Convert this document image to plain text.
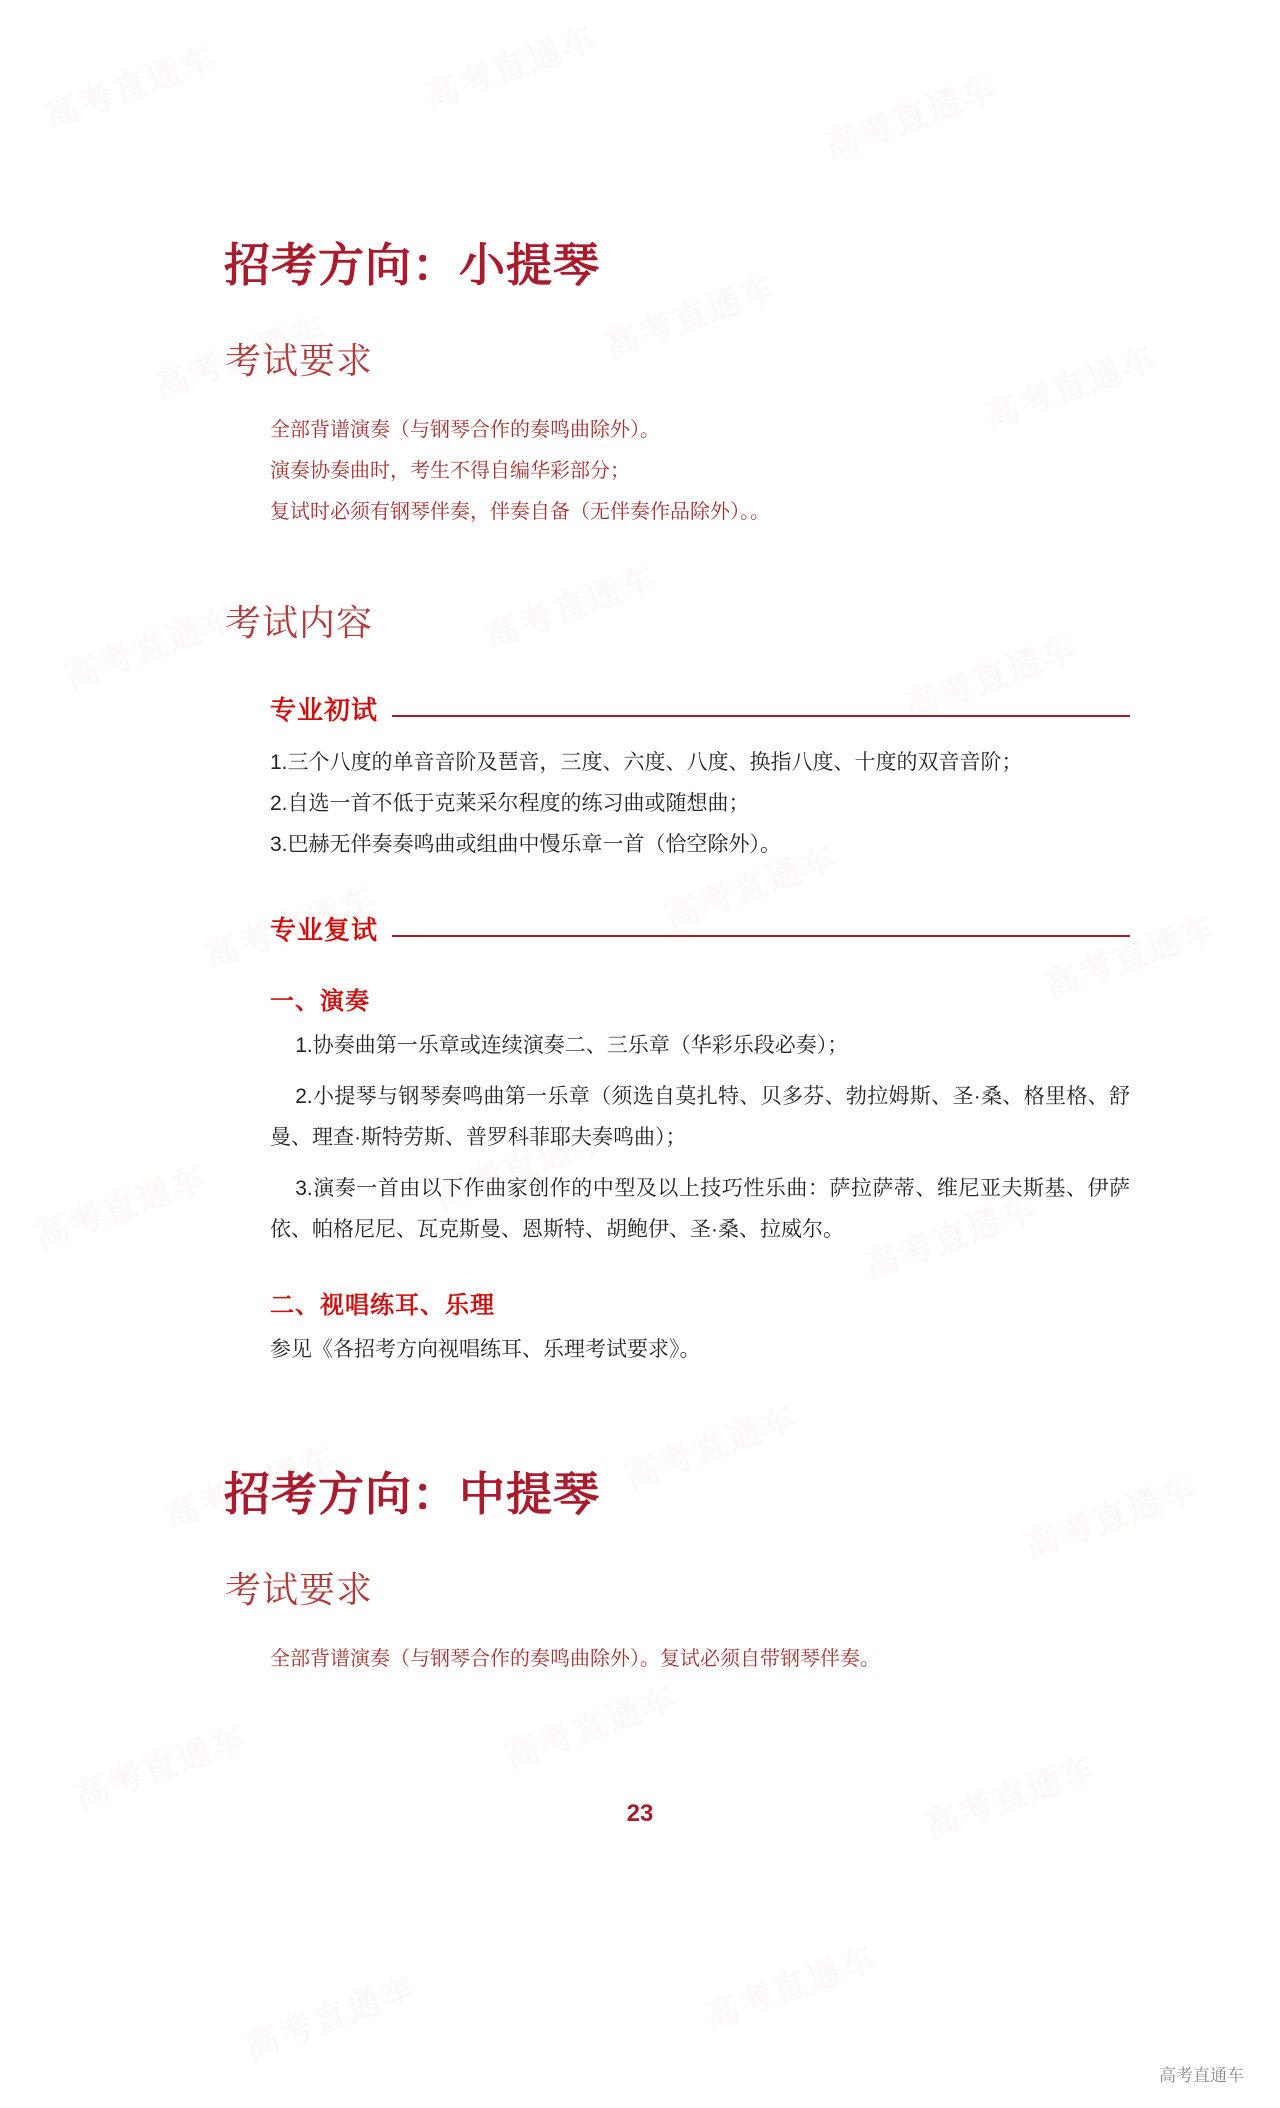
招考方向：小提琴
考试要求
全部背谱演奏（与钢琴合作的奏鸣曲除外）。
演奏协奏曲时，考生不得自编华彩部分；
复试时必须有钢琴伴奏，伴奏自备（无伴奏作品除外）。。
考试内容
专业初试
1.三个八度的单音音阶及琶音，三度、六度、八度、换指八度、十度的双音音阶；
2.自选一首不低于克莱采尔程度的练习曲或随想曲；
3.巴赫无伴奏奏鸣曲或组曲中慢乐章一首（恰空除外）。
专业复试
一、演奏
1.协奏曲第一乐章或连续演奏二、三乐章（华彩乐段必奏）；
2.小提琴与钢琴奏鸣曲第一乐章（须选自莫扎特、贝多芬、勃拉姆斯、圣·桑、格里格、舒曼、理查·斯特劳斯、普罗科菲耶夫奏鸣曲）；
3.演奏一首由以下作曲家创作的中型及以上技巧性乐曲：萨拉萨蒂、维尼亚夫斯基、伊萨依、帕格尼尼、瓦克斯曼、恩斯特、胡鲍伊、圣·桑、拉威尔。
二、视唱练耳、乐理
参见《各招考方向视唱练耳、乐理考试要求》。
招考方向：中提琴
考试要求
全部背谱演奏（与钢琴合作的奏鸣曲除外）。复试必须自带钢琴伴奏。
23
高考直通车
